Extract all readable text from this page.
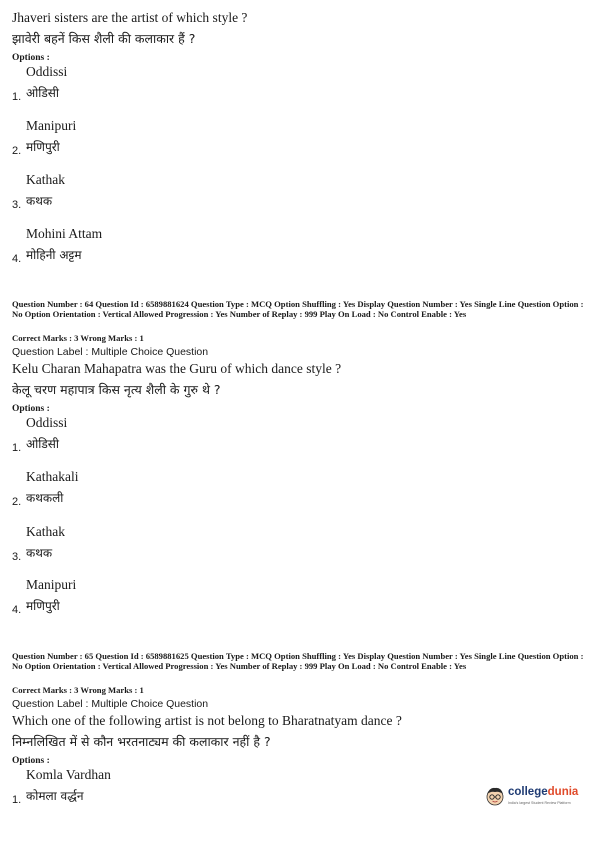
Jhaveri sisters are the artist of which style ?
झावेरी बहनें किस शैली की कलाकार हैं ?
Options :
Oddissi
1. ओडिसी
Manipuri
2. मणिपुरी
Kathak
3. कथक
Mohini Attam
4. मोहिनी अट्टम
Question Number : 64 Question Id : 6589881624 Question Type : MCQ Option Shuffling : Yes Display Question Number : Yes Single Line Question Option : No Option Orientation : Vertical Allowed Progression : Yes Number of Replay : 999 Play On Load : No Control Enable : Yes
Correct Marks : 3 Wrong Marks : 1
Question Label : Multiple Choice Question
Kelu Charan Mahapatra was the Guru of which dance style ?
केलू चरण महापात्र किस नृत्य शैली के गुरु थे ?
Options :
Oddissi
1. ओडिसी
Kathakali
2. कथकली
Kathak
3. कथक
Manipuri
4. मणिपुरी
Question Number : 65 Question Id : 6589881625 Question Type : MCQ Option Shuffling : Yes Display Question Number : Yes Single Line Question Option : No Option Orientation : Vertical Allowed Progression : Yes Number of Replay : 999 Play On Load : No Control Enable : Yes
Correct Marks : 3 Wrong Marks : 1
Question Label : Multiple Choice Question
Which one of the following artist is not belong to Bharatnatyam dance ?
निम्नलिखित में से कौन भरतनाट्यम की कलाकार नहीं है ?
Options :
Komla Vardhan
1. कोमला वर्द्धन	collegedunia
India's largest Student Review Platform
